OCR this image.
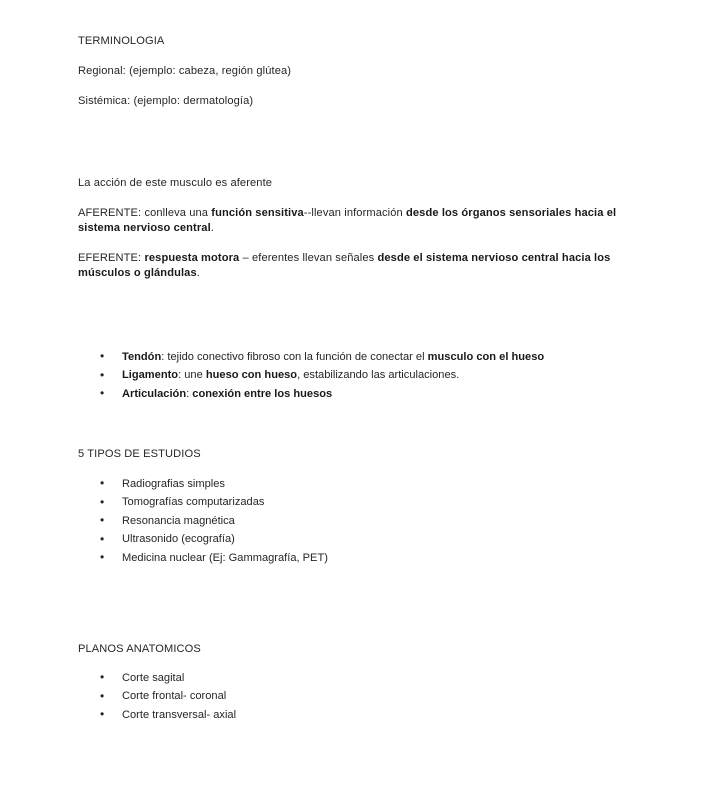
TERMINOLOGIA

Regional: (ejemplo: cabeza, región glútea)

Sistémica: (ejemplo: dermatología)

La acción de este musculo es aferente

AFERENTE: conlleva una función sensitiva--llevan información desde los órganos sensoriales hacia el sistema nervioso central.

EFERENTE: respuesta motora – eferentes llevan señales desde el sistema nervioso central hacia los músculos o glándulas.

• Tendón: tejido conectivo fibroso con la función de conectar el musculo con el hueso
• Ligamento: une hueso con hueso, estabilizando las articulaciones.
• Articulación: conexión entre los huesos

5 TIPOS DE ESTUDIOS

• Radiografias simples
• Tomografías computarizadas
• Resonancia magnética
• Ultrasonido (ecografía)
• Medicina nuclear (Ej: Gammagrafía, PET)

PLANOS ANATOMICOS

• Corte sagital
• Corte frontal- coronal
• Corte transversal- axial
